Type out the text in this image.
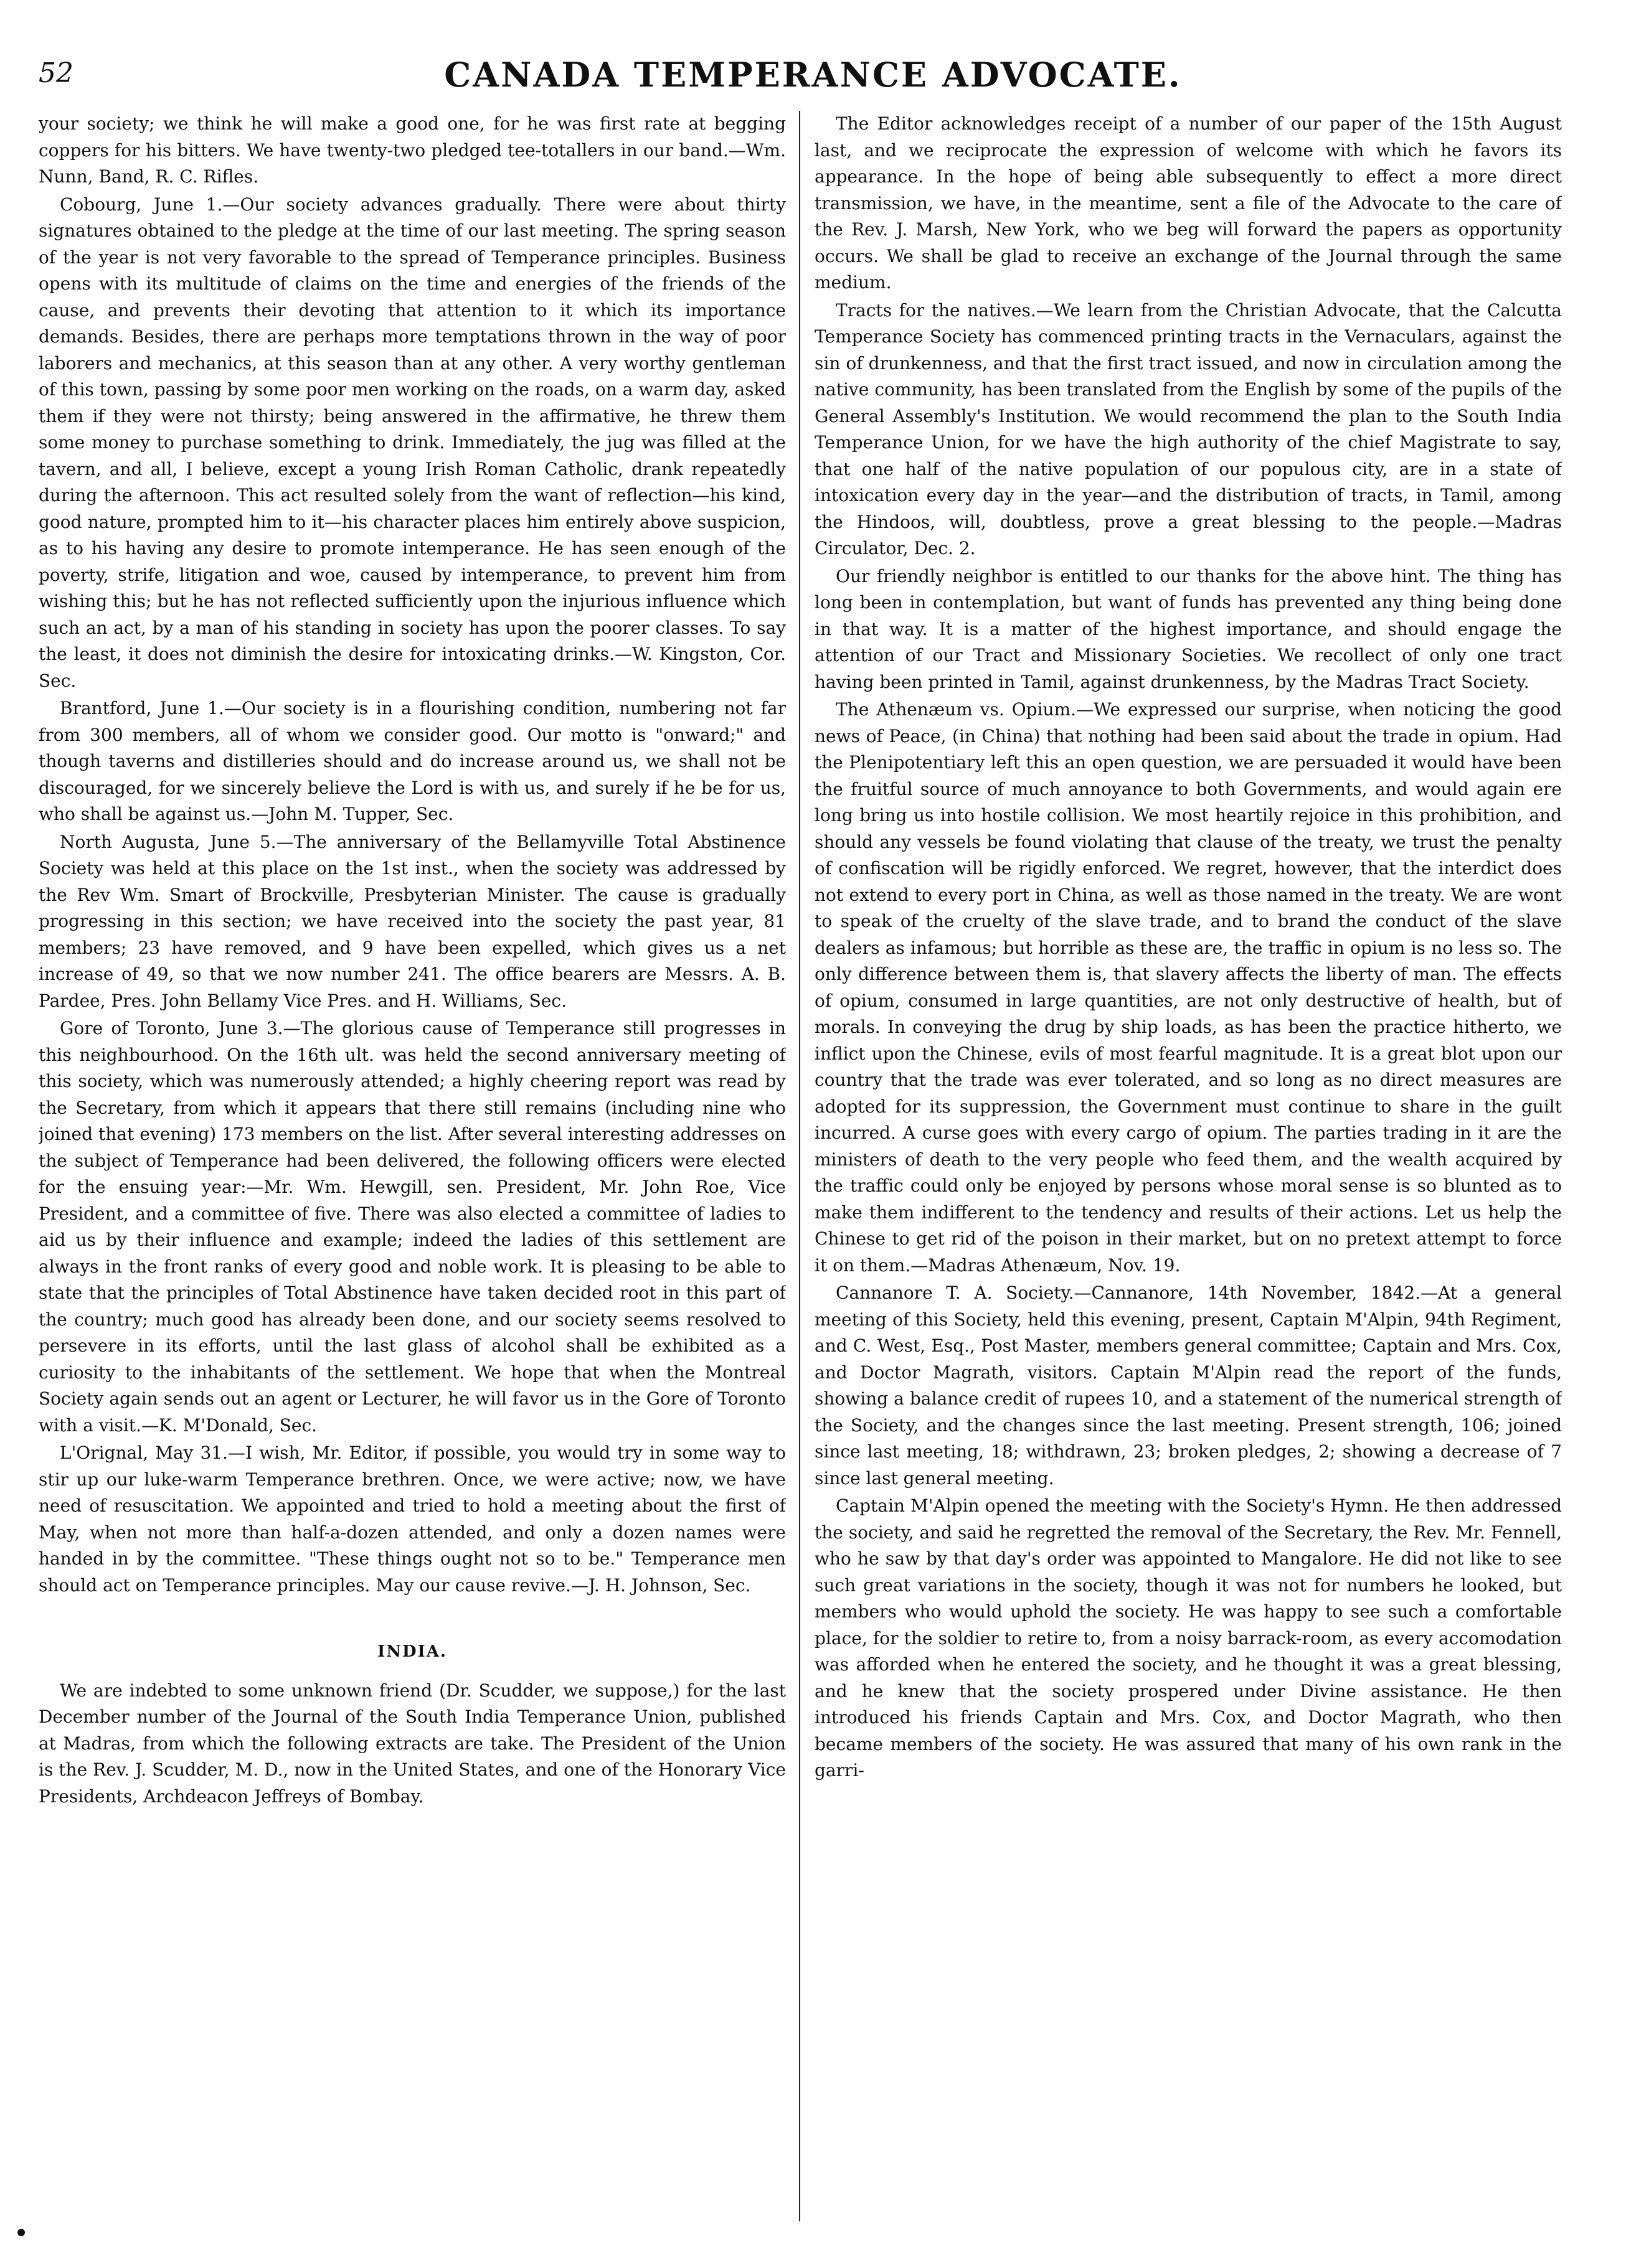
52	CANADA TEMPERANCE ADVOCATE.

your society; we think he will make a good one, for he was first rate at begging coppers for his bitters. We have twenty-two pledged tee-totallers in our band.—Wm. Nunn, Band, R. C. Rifles.

Cobourg, June 1.—Our society advances gradually. There were about thirty signatures obtained to the pledge at the time of our last meeting. The spring season of the year is not very favorable to the spread of Temperance principles. Business opens with its multitude of claims on the time and energies of the friends of the cause, and prevents their devoting that attention to it which its importance demands. Besides, there are perhaps more temptations thrown in the way of poor laborers and mechanics, at this season than at any other. A very worthy gentleman of this town, passing by some poor men working on the roads, on a warm day, asked them if they were not thirsty; being answered in the affirmative, he threw them some money to purchase something to drink. Immediately, the jug was filled at the tavern, and all, I believe, except a young Irish Roman Catholic, drank repeatedly during the afternoon. This act resulted solely from the want of reflection—his kind, good nature, prompted him to it—his character places him entirely above suspicion, as to his having any desire to promote intemperance. He has seen enough of the poverty, strife, litigation and woe, caused by intemperance, to prevent him from wishing this; but he has not reflected sufficiently upon the injurious influence which such an act, by a man of his standing in society has upon the poorer classes. To say the least, it does not diminish the desire for intoxicating drinks.—W. Kingston, Cor. Sec.

Brantford, June 1.—Our society is in a flourishing condition, numbering not far from 300 members, all of whom we consider good. Our motto is "onward;" and though taverns and distilleries should and do increase around us, we shall not be discouraged, for we sincerely believe the Lord is with us, and surely if he be for us, who shall be against us.—John M. Tupper, Sec.

North Augusta, June 5.—The anniversary of the Bellamyville Total Abstinence Society was held at this place on the 1st inst., when the society was addressed by the Rev Wm. Smart of Brockville, Presbyterian Minister. The cause is gradually progressing in this section; we have received into the society the past year, 81 members; 23 have removed, and 9 have been expelled, which gives us a net increase of 49, so that we now number 241. The office bearers are Messrs. A. B. Pardee, Pres. John Bellamy Vice Pres. and H. Williams, Sec.

Gore of Toronto, June 3.—The glorious cause of Temperance still progresses in this neighbourhood. On the 16th ult. was held the second anniversary meeting of this society, which was numerously attended; a highly cheering report was read by the Secretary, from which it appears that there still remains (including nine who joined that evening) 173 members on the list. After several interesting addresses on the subject of Temperance had been delivered, the following officers were elected for the ensuing year:—Mr. Wm. Hewgill, sen. President, Mr. John Roe, Vice President, and a committee of five. There was also elected a committee of ladies to aid us by their influence and example; indeed the ladies of this settlement are always in the front ranks of every good and noble work. It is pleasing to be able to state that the principles of Total Abstinence have taken decided root in this part of the country; much good has already been done, and our society seems resolved to persevere in its efforts, until the last glass of alcohol shall be exhibited as a curiosity to the inhabitants of the settlement. We hope that when the Montreal Society again sends out an agent or Lecturer, he will favor us in the Gore of Toronto with a visit.—K. M'Donald, Sec.

L'Orignal, May 31.—I wish, Mr. Editor, if possible, you would try in some way to stir up our luke-warm Temperance brethren. Once, we were active; now, we have need of resuscitation. We appointed and tried to hold a meeting about the first of May, when not more than half-a-dozen attended, and only a dozen names were handed in by the committee. "These things ought not so to be." Temperance men should act on Temperance principles. May our cause revive.—J. H. Johnson, Sec.

INDIA.

We are indebted to some unknown friend (Dr. Scudder, we suppose,) for the last December number of the Journal of the South India Temperance Union, published at Madras, from which the following extracts are take. The President of the Union is the Rev. J. Scudder, M. D., now in the United States, and one of the Honorary Vice Presidents, Archdeacon Jeffreys of Bombay.

The Editor acknowledges receipt of a number of our paper of the 15th August last, and we reciprocate the expression of welcome with which he favors its appearance. In the hope of being able subsequently to effect a more direct transmission, we have, in the meantime, sent a file of the Advocate to the care of the Rev. J. Marsh, New York, who we beg will forward the papers as opportunity occurs. We shall be glad to receive an exchange of the Journal through the same medium.

Tracts for the natives.—We learn from the Christian Advocate, that the Calcutta Temperance Society has commenced printing tracts in the Vernaculars, against the sin of drunkenness, and that the first tract issued, and now in circulation among the native community, has been translated from the English by some of the pupils of the General Assembly's Institution. We would recommend the plan to the South India Temperance Union, for we have the high authority of the chief Magistrate to say, that one half of the native population of our populous city, are in a state of intoxication every day in the year—and the distribution of tracts, in Tamil, among the Hindoos, will, doubtless, prove a great blessing to the people.—Madras Circulator, Dec. 2.

Our friendly neighbor is entitled to our thanks for the above hint. The thing has long been in contemplation, but want of funds has prevented any thing being done in that way. It is a matter of the highest importance, and should engage the attention of our Tract and Missionary Societies. We recollect of only one tract having been printed in Tamil, against drunkenness, by the Madras Tract Society.

The Athenæum vs. Opium.—We expressed our surprise, when noticing the good news of Peace, (in China) that nothing had been said about the trade in opium. Had the Plenipotentiary left this an open question, we are persuaded it would have been the fruitful source of much annoyance to both Governments, and would again ere long bring us into hostile collision. We most heartily rejoice in this prohibition, and should any vessels be found violating that clause of the treaty, we trust the penalty of confiscation will be rigidly enforced. We regret, however, that the interdict does not extend to every port in China, as well as those named in the treaty. We are wont to speak of the cruelty of the slave trade, and to brand the conduct of the slave dealers as infamous; but horrible as these are, the traffic in opium is no less so. The only difference between them is, that slavery affects the liberty of man. The effects of opium, consumed in large quantities, are not only destructive of health, but of morals. In conveying the drug by ship loads, as has been the practice hitherto, we inflict upon the Chinese, evils of most fearful magnitude. It is a great blot upon our country that the trade was ever tolerated, and so long as no direct measures are adopted for its suppression, the Government must continue to share in the guilt incurred. A curse goes with every cargo of opium. The parties trading in it are the ministers of death to the very people who feed them, and the wealth acquired by the traffic could only be enjoyed by persons whose moral sense is so blunted as to make them indifferent to the tendency and results of their actions. Let us help the Chinese to get rid of the poison in their market, but on no pretext attempt to force it on them.—Madras Athenæum, Nov. 19.

Cannanore T. A. Society.—Cannanore, 14th November, 1842.—At a general meeting of this Society, held this evening, present, Captain M'Alpin, 94th Regiment, and C. West, Esq., Post Master, members general committee; Captain and Mrs. Cox, and Doctor Magrath, visitors. Captain M'Alpin read the report of the funds, showing a balance credit of rupees 10, and a statement of the numerical strength of the Society, and the changes since the last meeting. Present strength, 106; joined since last meeting, 18; withdrawn, 23; broken pledges, 2; showing a decrease of 7 since last general meeting.

Captain M'Alpin opened the meeting with the Society's Hymn. He then addressed the society, and said he regretted the removal of the Secretary, the Rev. Mr. Fennell, who he saw by that day's order was appointed to Mangalore. He did not like to see such great variations in the society, though it was not for numbers he looked, but members who would uphold the society. He was happy to see such a comfortable place, for the soldier to retire to, from a noisy barrack-room, as every accomodation was afforded when he entered the society, and he thought it was a great blessing, and he knew that the society prospered under Divine assistance. He then introduced his friends Captain and Mrs. Cox, and Doctor Magrath, who then became members of the society. He was assured that many of his own rank in the garri-
